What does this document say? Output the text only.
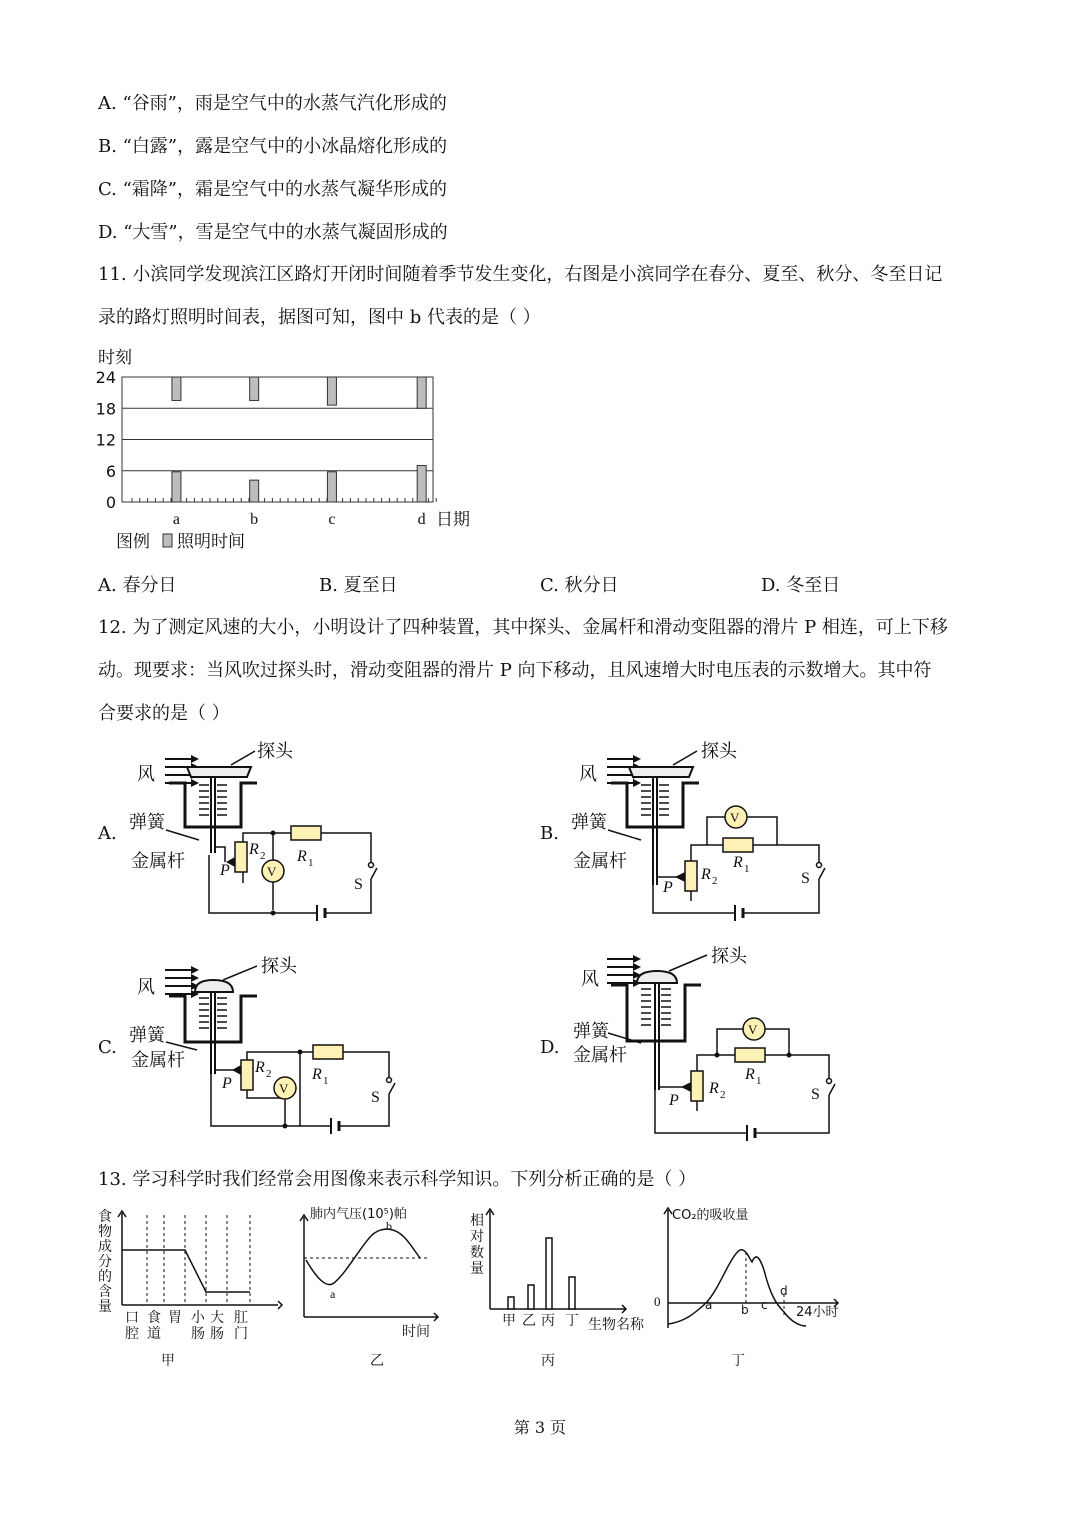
A. “谷雨”，雨是空气中的水蒸气汽化形成的
B. “白露”，露是空气中的小冰晶熔化形成的
C. “霜降”，霜是空气中的水蒸气凝华形成的
D. “大雪”，雪是空气中的水蒸气凝固形成的
11. 小滨同学发现滨江区路灯开闭时间随着季节发生变化，右图是小滨同学在春分、夏至、秋分、冬至日记
录的路灯照明时间表，据图可知，图中 b 代表的是（ ）
时刻
24
18
12
6
0
a	b	c	d 日期
图例 照明时间
A. 春分日	B. 夏至日	C. 秋分日	D. 冬至日
12. 为了测定风速的大小，小明设计了四种装置，其中探头、金属杆和滑动变阻器的滑片 P 相连，可上下移
动。现要求：当风吹过探头时，滑动变阻器的滑片 P 向下移动，且风速增大时电压表的示数增大。其中符
合要求的是（ ）
A.	B.
C.	D.
风
探头
弹簧
金属杆 P
R 2 R 1
V
S
风
探头
弹簧
金属杆
P
R 2
R 1
V
S
风
探头
弹簧
金属杆
P
R 2	R 1
V
S
风
探头
弹簧
金属杆
P
R 2
R 1
V
S
13. 学习科学时我们经常会用图像来表示科学知识。下列分析正确的是（ ）
食
物
成
分
的
含
量
口
腔
食
道
胃 小
肠
大
肠
肛
门
甲
肺内气压(10⁵)帕
a
b
时间
乙
相
对
数
量
甲 乙 丙 丁 生物名称
丙
CO₂的吸收量
0	a b c
d
24小时
丁
第 3 页
